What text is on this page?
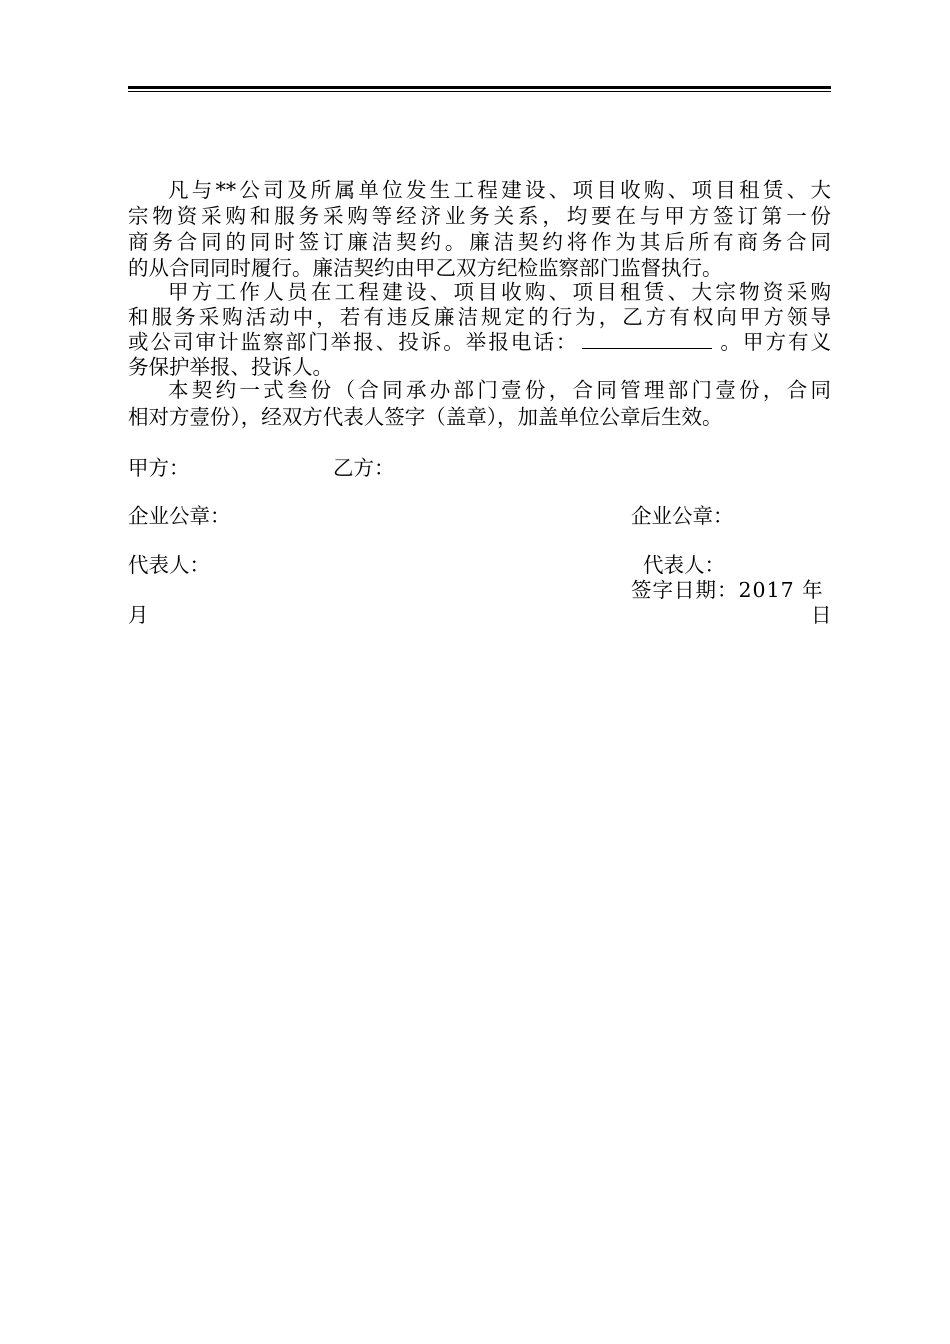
凡与**公司及所属单位发生工程建设、项目收购、项目租赁、大
宗物资采购和服务采购等经济业务关系，均要在与甲方签订第一份
商务合同的同时签订廉洁契约。廉洁契约将作为其后所有商务合同
的从合同同时履行。廉洁契约由甲乙双方纪检监察部门监督执行。
甲方工作人员在工程建设、项目收购、项目租赁、大宗物资采购
和服务采购活动中，若有违反廉洁规定的行为，乙方有权向甲方领导
或公司审计监察部门举报、投诉。举报电话：	。甲方有义
务保护举报、投诉人。
本契约一式叁份（合同承办部门壹份，合同管理部门壹份，合同
相对方壹份），经双方代表人签字（盖章），加盖单位公章后生效。
甲方：	乙方：
企业公章：	企业公章：
代表人：	代表人：
签字日期：2017 年
月	日
